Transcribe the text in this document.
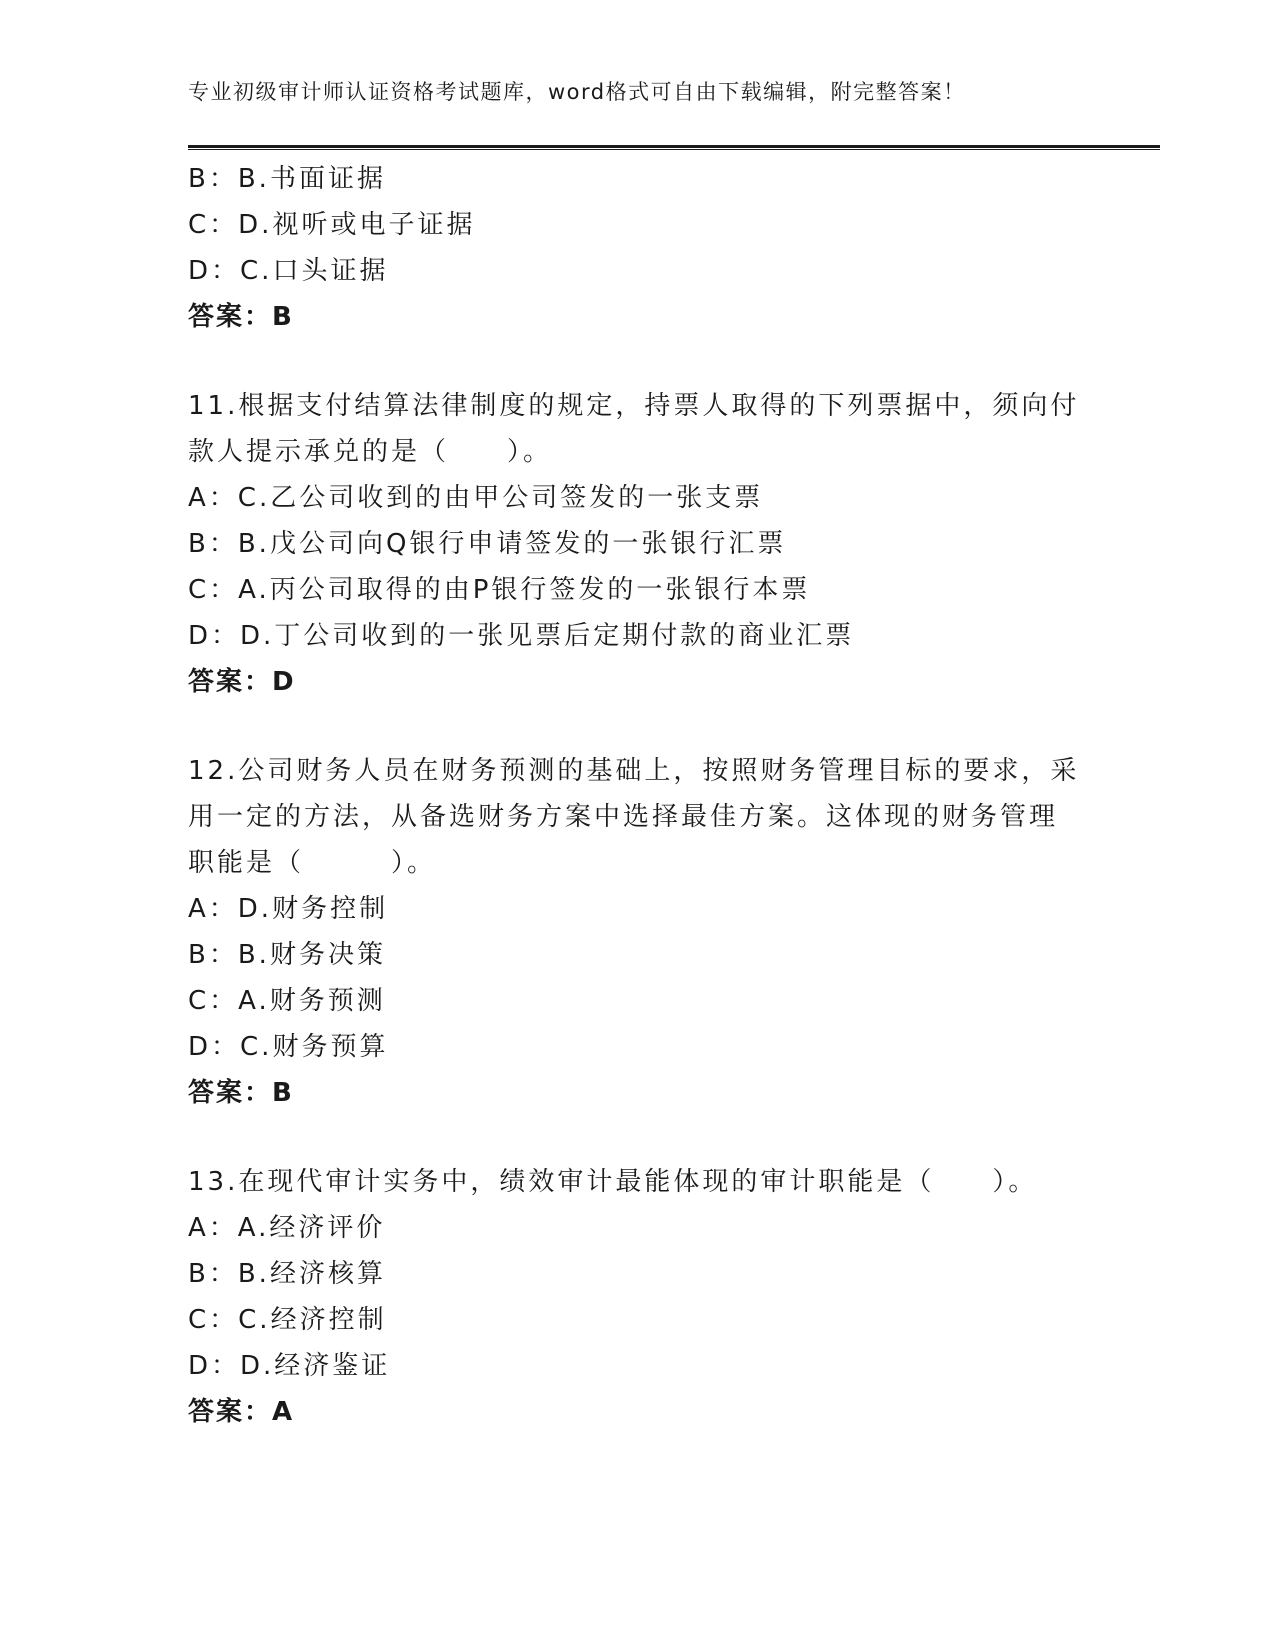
专业初级审计师认证资格考试题库，word格式可自由下载编辑，附完整答案！
B：B.书面证据
C：D.视听或电子证据
D：C.口头证据
答案：B
11.根据支付结算法律制度的规定，持票人取得的下列票据中，须向付
款人提示承兑的是（　　）。
A：C.乙公司收到的由甲公司签发的一张支票
B：B.戊公司向Q银行申请签发的一张银行汇票
C：A.丙公司取得的由P银行签发的一张银行本票
D：D.丁公司收到的一张见票后定期付款的商业汇票
答案：D
12.公司财务人员在财务预测的基础上，按照财务管理目标的要求，采
用一定的方法，从备选财务方案中选择最佳方案。这体现的财务管理
职能是（　　　）。
A：D.财务控制
B：B.财务决策
C：A.财务预测
D：C.财务预算
答案：B
13.在现代审计实务中，绩效审计最能体现的审计职能是（　　）。
A：A.经济评价
B：B.经济核算
C：C.经济控制
D：D.经济鉴证
答案：A
